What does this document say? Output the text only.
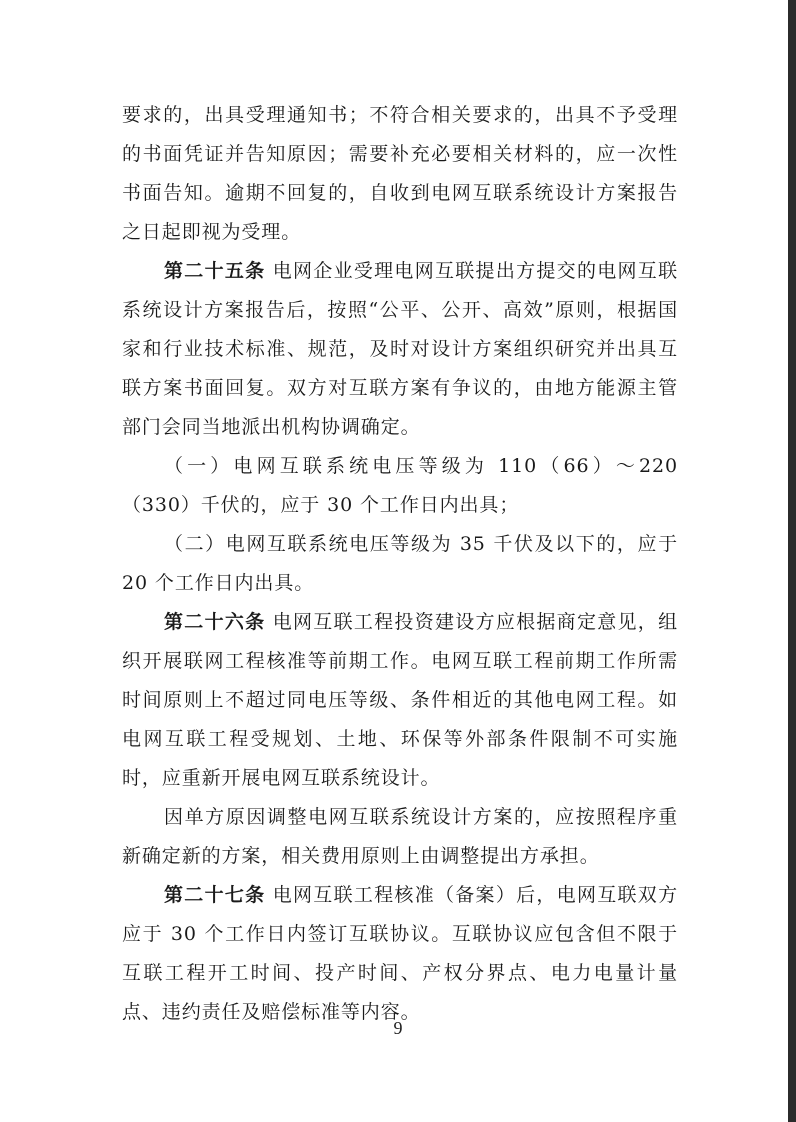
要求的，出具受理通知书；不符合相关要求的，出具不予受理的书面凭证并告知原因；需要补充必要相关材料的，应一次性书面告知。逾期不回复的，自收到电网互联系统设计方案报告之日起即视为受理。

第二十五条 电网企业受理电网互联提出方提交的电网互联系统设计方案报告后，按照“公平、公开、高效”原则，根据国家和行业技术标准、规范，及时对设计方案组织研究并出具互联方案书面回复。双方对互联方案有争议的，由地方能源主管部门会同当地派出机构协调确定。

（一）电网互联系统电压等级为 110（66）～220（330）千伏的，应于 30 个工作日内出具；

（二）电网互联系统电压等级为 35 千伏及以下的，应于 20 个工作日内出具。

第二十六条 电网互联工程投资建设方应根据商定意见，组织开展联网工程核准等前期工作。电网互联工程前期工作所需时间原则上不超过同电压等级、条件相近的其他电网工程。如电网互联工程受规划、土地、环保等外部条件限制不可实施时，应重新开展电网互联系统设计。

因单方原因调整电网互联系统设计方案的，应按照程序重新确定新的方案，相关费用原则上由调整提出方承担。

第二十七条 电网互联工程核准（备案）后，电网互联双方应于 30 个工作日内签订互联协议。互联协议应包含但不限于互联工程开工时间、投产时间、产权分界点、电力电量计量点、违约责任及赔偿标准等内容。

9
